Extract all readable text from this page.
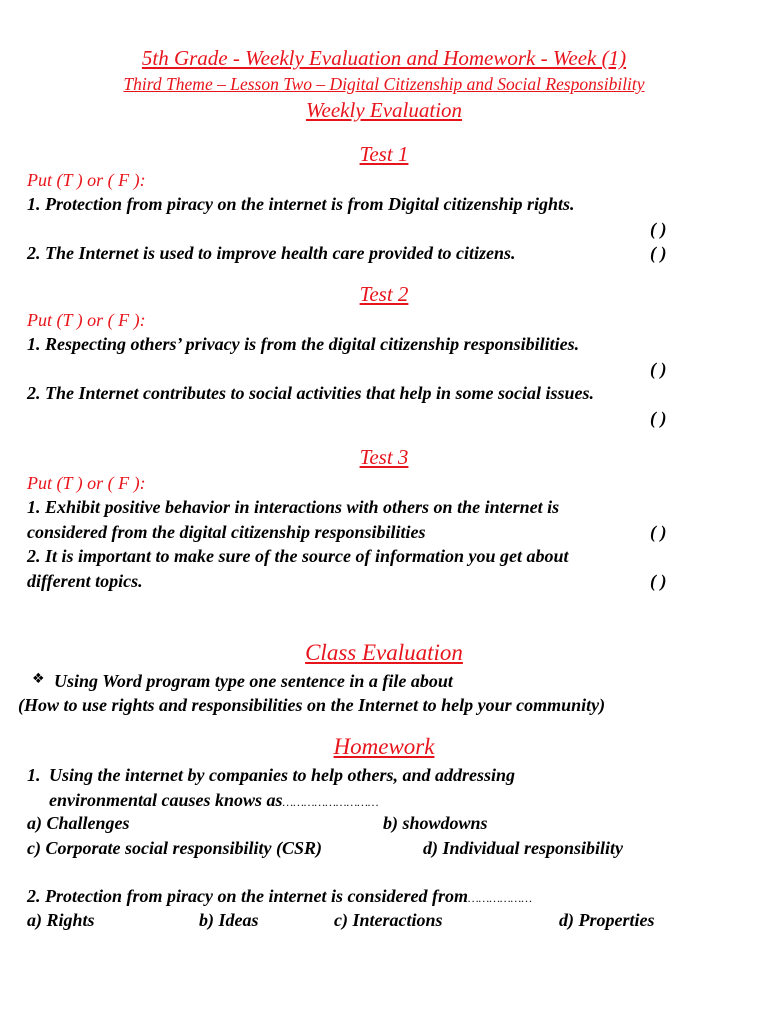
5th Grade - Weekly Evaluation and Homework - Week (1)
Third Theme – Lesson Two – Digital Citizenship and Social Responsibility
Weekly Evaluation
Test 1
Put (T ) or ( F ):
1. Protection from piracy on the internet is from Digital citizenship rights.
( )
2. The Internet is used to improve health care provided to citizens.	( )
Test 2
Put (T ) or ( F ):
1. Respecting others’ privacy is from the digital citizenship responsibilities.
( )
2. The Internet contributes to social activities that help in some social issues.
( )
Test 3
Put (T ) or ( F ):
1. Exhibit positive behavior in interactions with others on the internet is
considered from the digital citizenship responsibilities	( )
2. It is important to make sure of the source of information you get about
different topics.	( )
Class Evaluation
❖ Using Word program type one sentence in a file about
(How to use rights and responsibilities on the Internet to help your community)
Homework
1. Using the internet by companies to help others, and addressing
environmental causes knows as………………………
a) Challenges	b) showdowns
c) Corporate social responsibility (CSR)	d) Individual responsibility
2. Protection from piracy on the internet is considered from………………
a) Rights	b) Ideas	c) Interactions	d) Properties
